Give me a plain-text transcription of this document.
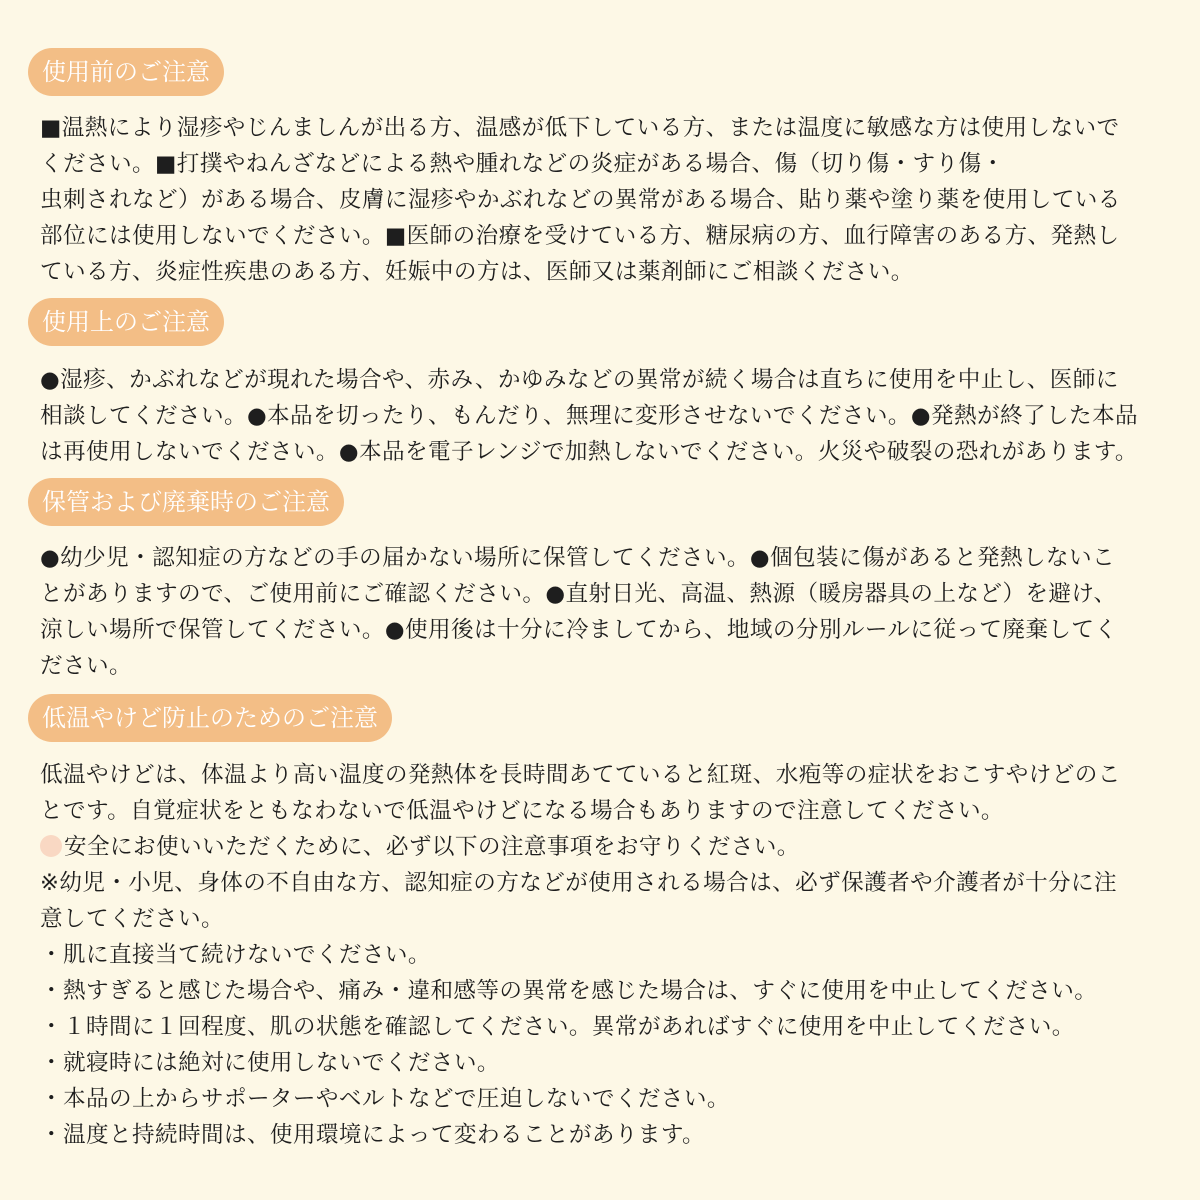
使用前のご注意
■温熱により湿疹やじんましんが出る方、温感が低下している方、または温度に敏感な方は使用しないで
ください。■打撲やねんざなどによる熱や腫れなどの炎症がある場合、傷（切り傷・すり傷・
虫刺されなど）がある場合、皮膚に湿疹やかぶれなどの異常がある場合、貼り薬や塗り薬を使用している
部位には使用しないでください。■医師の治療を受けている方、糖尿病の方、血行障害のある方、発熱し
ている方、炎症性疾患のある方、妊娠中の方は、医師又は薬剤師にご相談ください。
使用上のご注意
●湿疹、かぶれなどが現れた場合や、赤み、かゆみなどの異常が続く場合は直ちに使用を中止し、医師に
相談してください。●本品を切ったり、もんだり、無理に変形させないでください。●発熱が終了した本品
は再使用しないでください。●本品を電子レンジで加熱しないでください。火災や破裂の恐れがあります。
保管および廃棄時のご注意
●幼少児・認知症の方などの手の届かない場所に保管してください。●個包装に傷があると発熱しないこ
とがありますので、ご使用前にご確認ください。●直射日光、高温、熱源（暖房器具の上など）を避け、
涼しい場所で保管してください。●使用後は十分に冷ましてから、地域の分別ルールに従って廃棄してく
ださい。
低温やけど防止のためのご注意
低温やけどは、体温より高い温度の発熱体を長時間あてていると紅斑、水疱等の症状をおこすやけどのこ
とです。自覚症状をともなわないで低温やけどになる場合もありますので注意してください。
安全にお使いいただくために、必ず以下の注意事項をお守りください。
※幼児・小児、身体の不自由な方、認知症の方などが使用される場合は、必ず保護者や介護者が十分に注
意してください。
・肌に直接当て続けないでください。
・熱すぎると感じた場合や、痛み・違和感等の異常を感じた場合は、すぐに使用を中止してください。
・１時間に１回程度、肌の状態を確認してください。異常があればすぐに使用を中止してください。
・就寝時には絶対に使用しないでください。
・本品の上からサポーターやベルトなどで圧迫しないでください。
・温度と持続時間は、使用環境によって変わることがあります。
